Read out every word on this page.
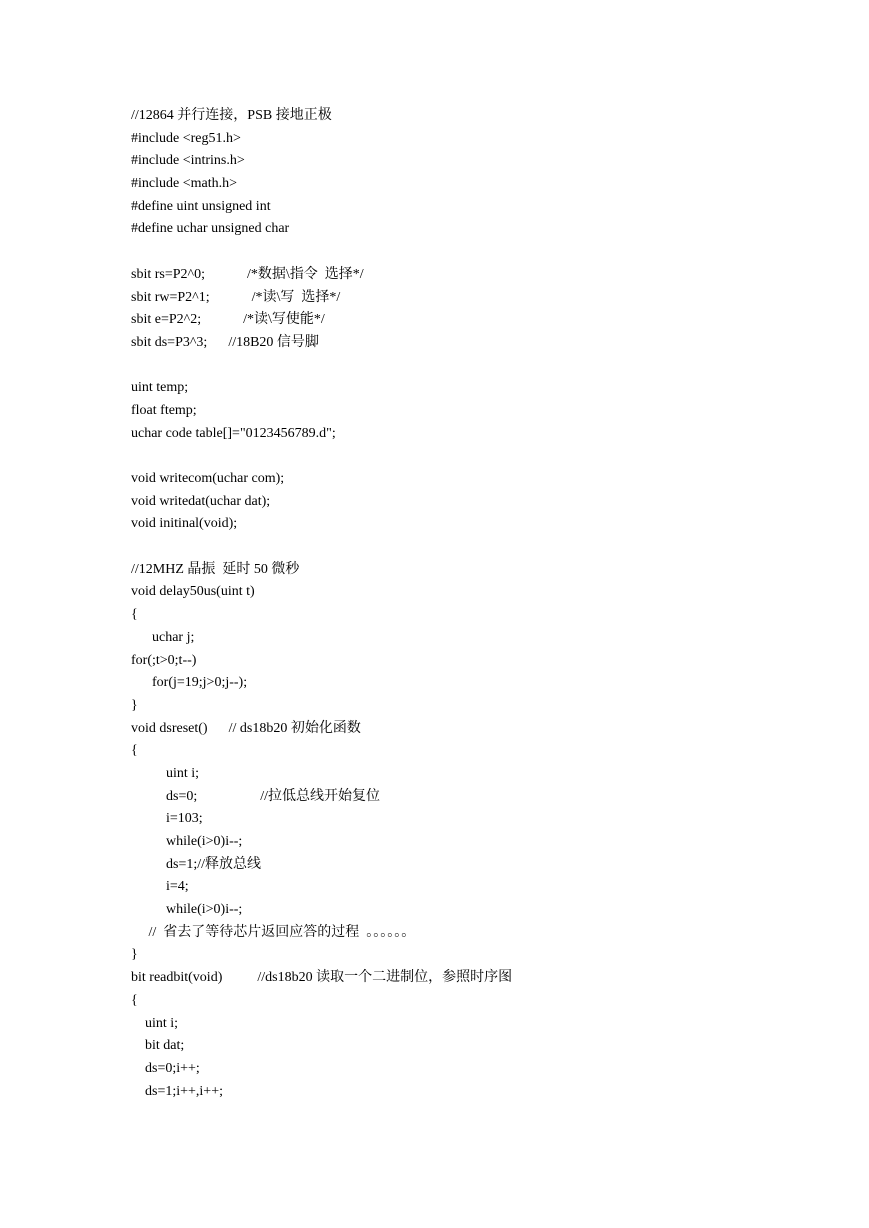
//12864 并行连接，PSB 接地正极
#include <reg51.h>
#include <intrins.h>
#include <math.h>
#define uint unsigned int
#define uchar unsigned char
sbit rs=P2^0;            /*数据\指令  选择*/
sbit rw=P2^1;            /*读\写  选择*/
sbit e=P2^2;            /*读\写使能*/
sbit ds=P3^3;      //18B20 信号脚
uint temp;
float ftemp;
uchar code table[]="0123456789.d";
void writecom(uchar com);
void writedat(uchar dat);
void initinal(void);
//12MHZ 晶振  延时 50 微秒
void delay50us(uint t)
{
uchar j;
for(;t>0;t--)
for(j=19;j>0;j--);
}
void dsreset()      // ds18b20 初始化函数
{
uint i;
ds=0;                  //拉低总线开始复位
i=103;
while(i>0)i--;
ds=1;//释放总线
i=4;
while(i>0)i--;
//  省去了等待芯片返回应答的过程  。。。。。。
}
bit readbit(void)          //ds18b20 读取一个二进制位，参照时序图
{
uint i;
bit dat;
ds=0;i++;
ds=1;i++,i++;
